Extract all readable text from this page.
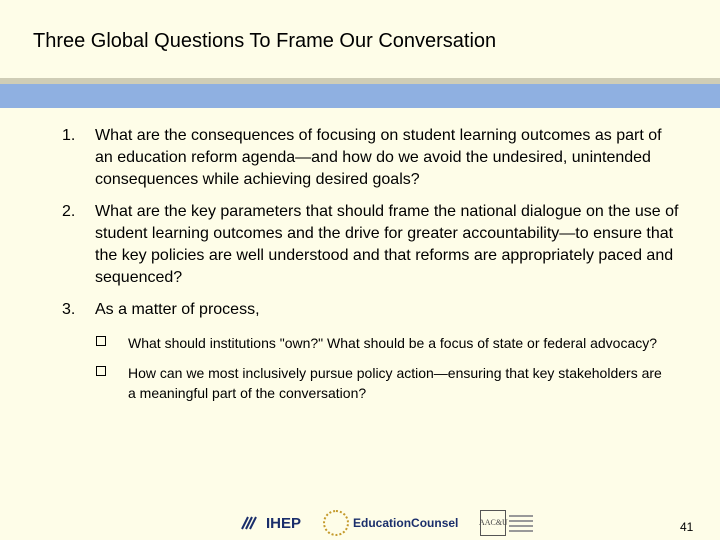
Three Global Questions To Frame Our Conversation
1.	What are the consequences of focusing on student learning outcomes as part of an education reform agenda—and how do we avoid the undesired, unintended consequences while achieving desired goals?
2.	What are the key parameters that should frame the national dialogue on the use of student learning outcomes and the drive for greater accountability—to ensure that the key policies are well understood and that reforms are appropriately paced and sequenced?
3.	As a matter of process,
What should institutions "own?" What should be a focus of state or federal advocacy?
How can we most inclusively pursue policy action—ensuring that key stakeholders are a meaningful part of the conversation?
IHEP	EducationCounsel	AAC&U	41
